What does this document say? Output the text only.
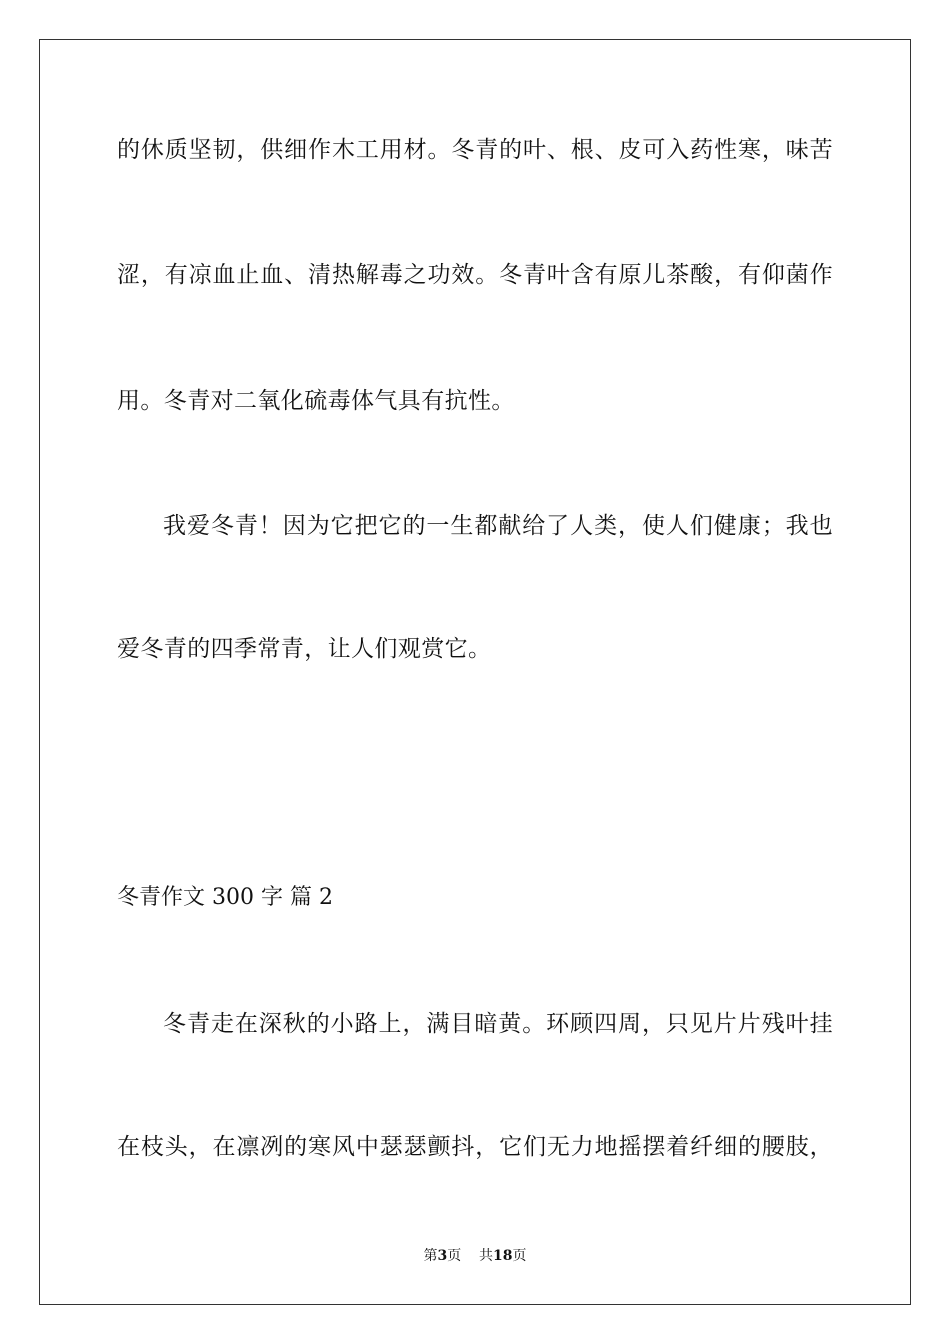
的休质坚韧，供细作木工用材。冬青的叶、根、皮可入药性寒，味苦
涩，有凉血止血、清热解毒之功效。冬青叶含有原儿茶酸，有仰菌作
用。冬青对二氧化硫毒体气具有抗性。
我爱冬青！因为它把它的一生都献给了人类，使人们健康；我也
爱冬青的四季常青，让人们观赏它。
冬青作文 300 字 篇 2
冬青走在深秋的小路上，满目暗黄。环顾四周，只见片片残叶挂
在枝头，在凛冽的寒风中瑟瑟颤抖，它们无力地摇摆着纤细的腰肢，
第3页    共18页
